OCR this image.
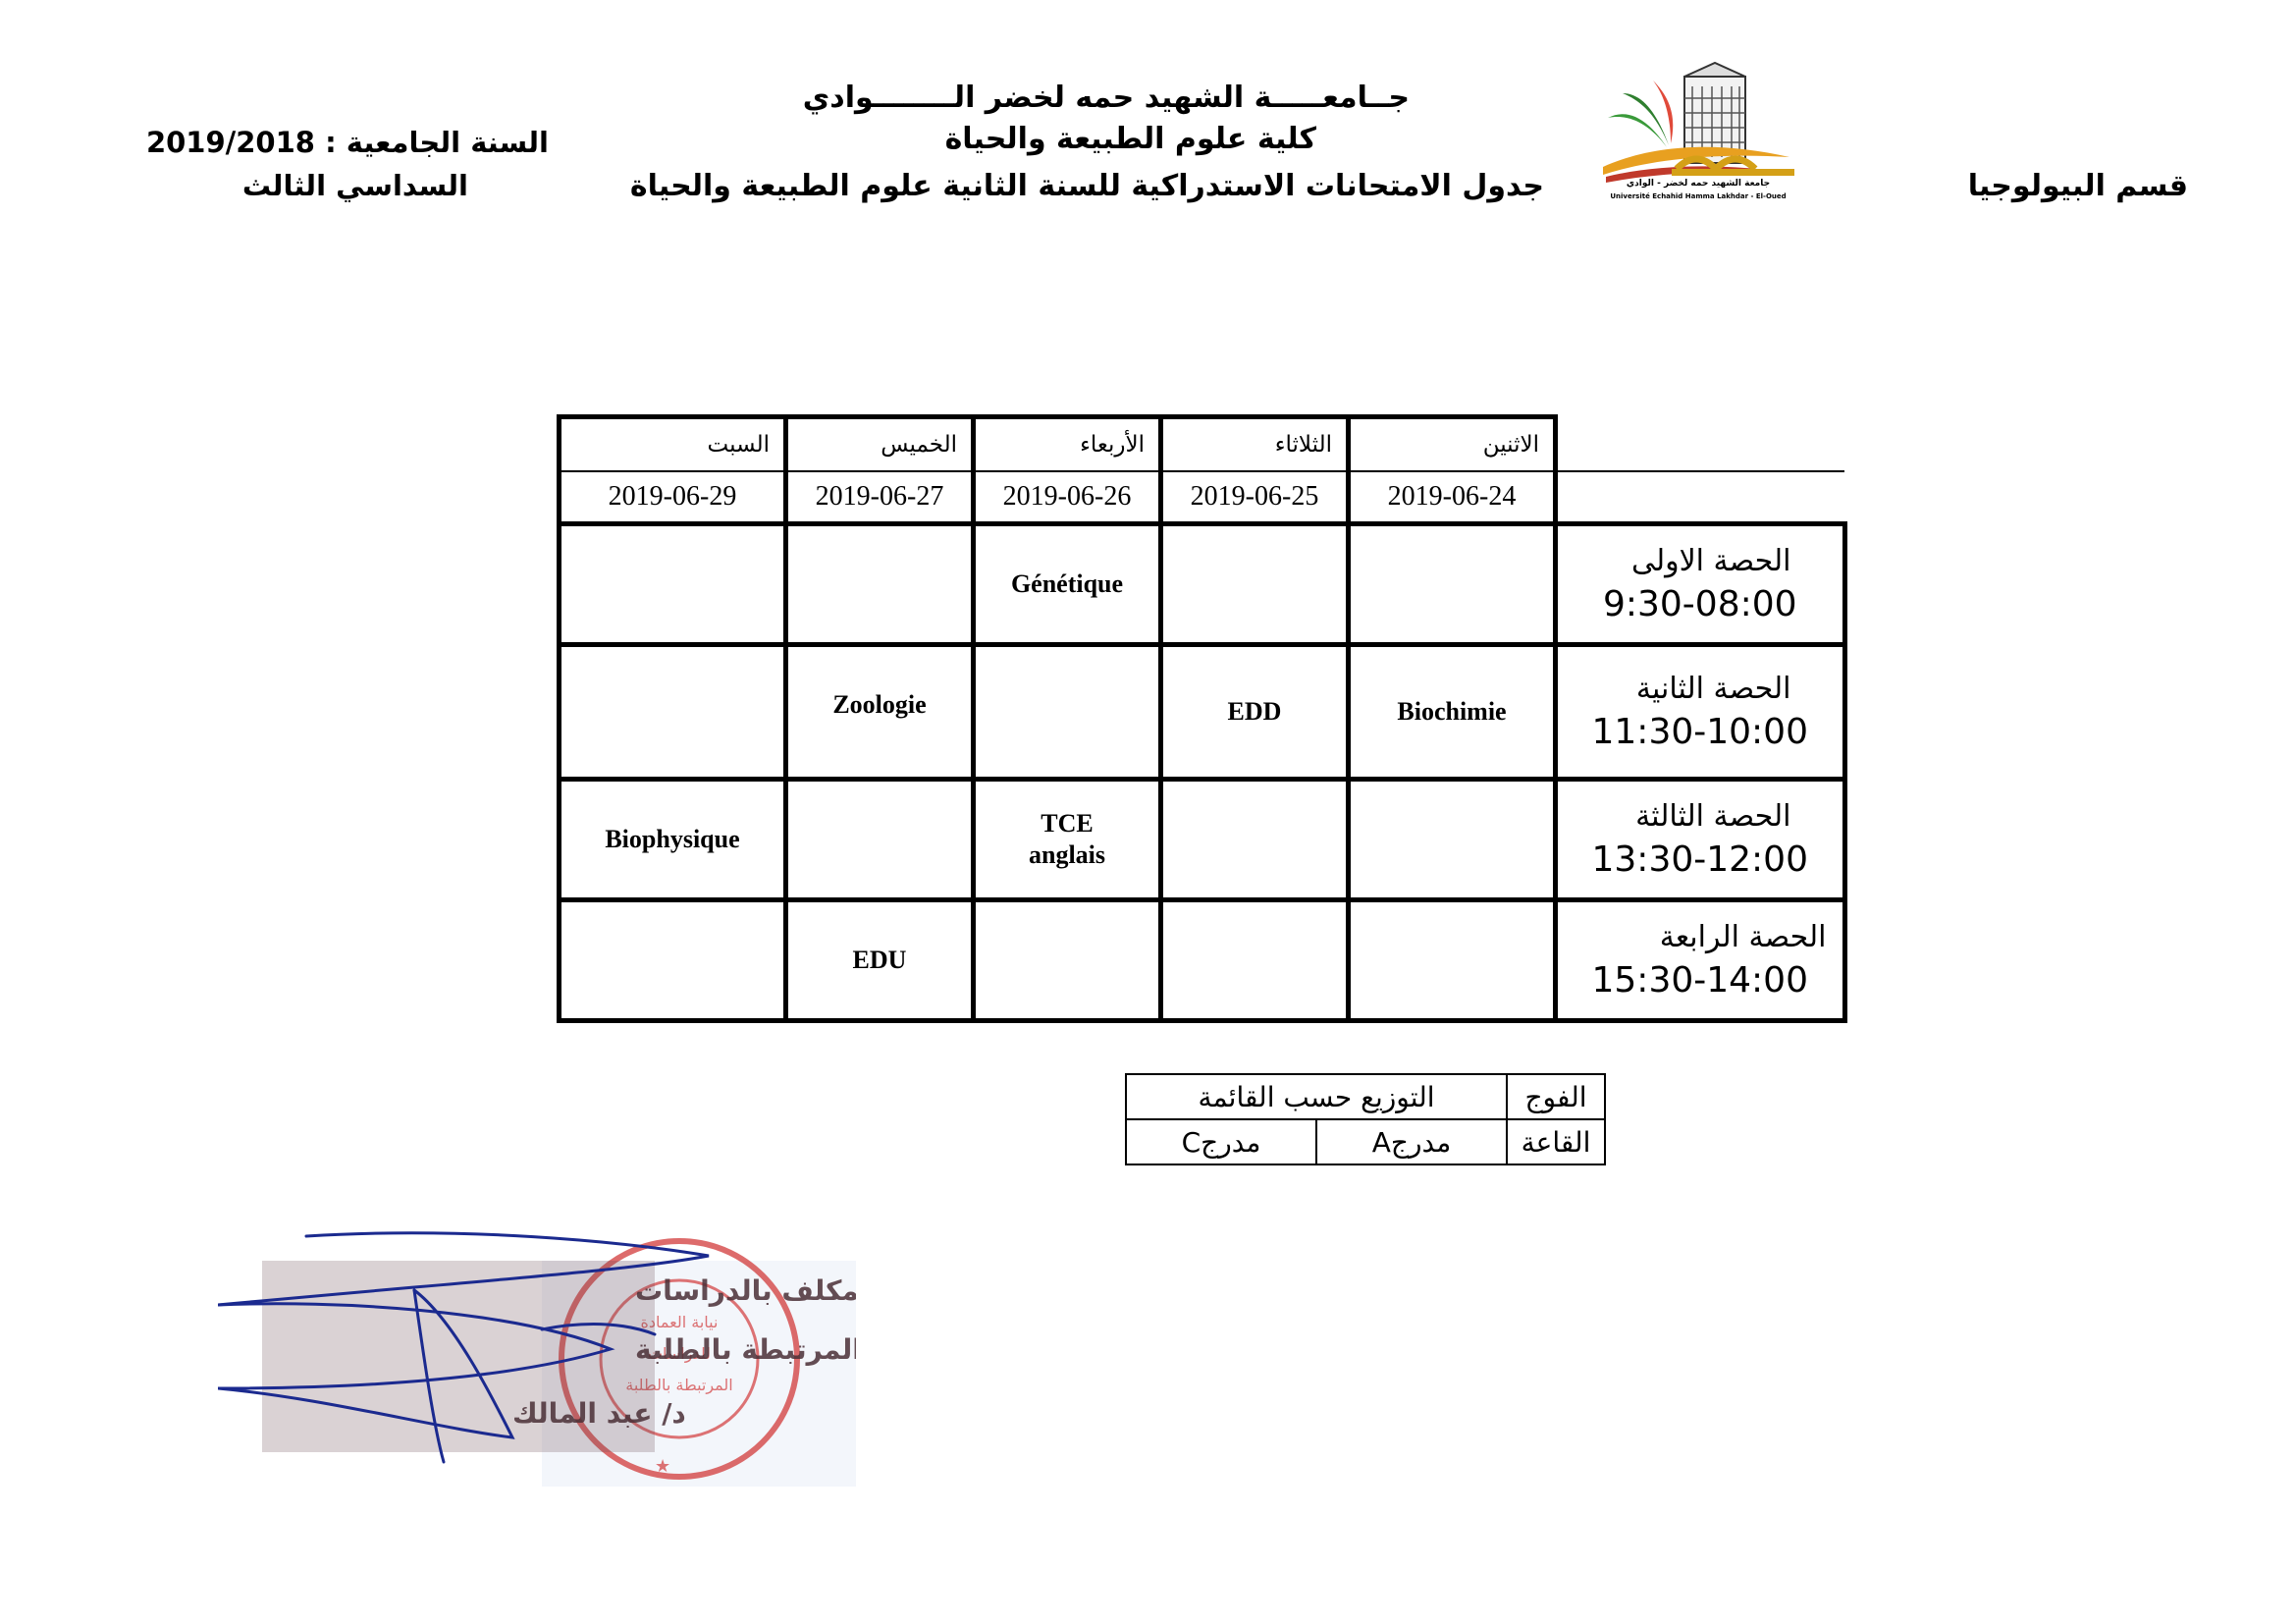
جــامعـــــة الشهيد حمه لخضر الــــــــوادي
كلية علوم الطبيعة والحياة
جدول الامتحانات الاستدراكية للسنة الثانية علوم الطبيعة والحياة
السنة الجامعية : 2019/2018
السداسي الثالث	قسم البيولوجيا
جامعة الشهيد حمه لخضر - الوادي
Université Echahid Hamma Lakhdar - El-Oued
السبت	الخميس	الأربعاء	الثلاثاء	الاثنين	
2019-06-29	2019-06-27	2019-06-26	2019-06-25	2019-06-24	
		Génétique			الحصة الاولى
9:30-08:00

	Zoologie		EDD	Biochimie	الحصة الثانية
11:30-10:00

Biophysique		TCE
anglais			الحصة الثالثة
13:30-12:00

	EDU				الحصة الرابعة
15:30-14:00
التوزيع حسب القائمة		الفوج
مدرجC	مدرجA	القاعة
نيابة العمادة
للدراسات
المرتبطة بالطلبة
★
مكلف بالدراسات
المرتبطة بالطلبة
د/ عبد المالك
